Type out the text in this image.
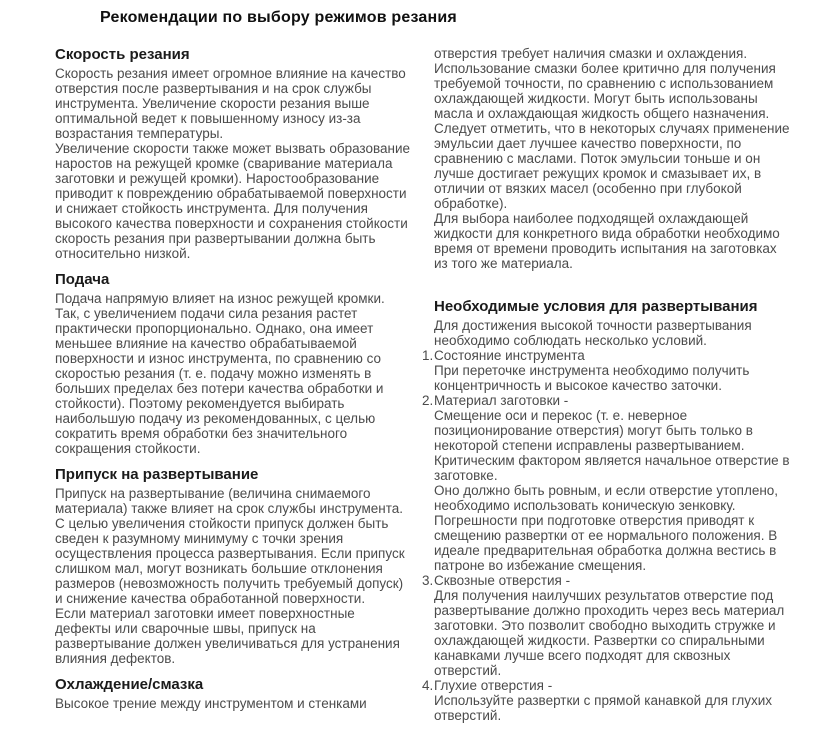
Рекомендации по выбору режимов резания
Скорость резания

Скорость резания имеет огромное влияние на качество отверстия после развертывания и на срок службы инструмента. Увеличение скорости резания выше оптимальной ведет к повышенному износу из-за возрастания температуры.

Увеличение скорости также может вызвать образование наростов на режущей кромке (сваривание материала заготовки и режущей кромки). Наростообразование приводит к повреждению обрабатываемой поверхности и снижает стойкость инструмента. Для получения высокого качества поверхности и сохранения стойкости скорость резания при развертывании должна быть относительно низкой.

Подача

Подача напрямую влияет на износ режущей кромки. Так, с увеличением подачи сила резания растет практически пропорционально. Однако, она имеет меньшее влияние на качество обрабатываемой поверхности и износ инструмента, по сравнению со скоростью резания (т. е. подачу можно изменять в больших пределах без потери качества обработки и стойкости). Поэтому рекомендуется выбирать наибольшую подачу из рекомендованных, с целью сократить время обработки без значительного сокращения стойкости.

Припуск на развертывание

Припуск на развертывание (величина снимаемого материала) также влияет на срок службы инструмента. С целью увеличения стойкости припуск должен быть сведен к разумному минимуму с точки зрения осуществления процесса развертывания. Если припуск слишком мал, могут возникать большие отклонения размеров (невозможность получить требуемый допуск) и снижение качества обработанной поверхности.

Если материал заготовки имеет поверхностные дефекты или сварочные швы, припуск на развертывание должен увеличиваться для устранения влияния дефектов.

Охлаждение/смазка

Высокое трение между инструментом и стенками

отверстия требует наличия смазки и охлаждения. Использование смазки более критично для получения требуемой точности, по сравнению с использованием охлаждающей жидкости. Могут быть использованы масла и охлаждающая жидкость общего назначения.

Следует отметить, что в некоторых случаях применение эмульсии дает лучшее качество поверхности, по сравнению с маслами. Поток эмульсии тоньше и он лучше достигает режущих кромок и смазывает их, в отличии от вязких масел (особенно при глубокой обработке).

Для выбора наиболее подходящей охлаждающей жидкости для конкретного вида обработки необходимо время от времени проводить испытания на заготовках из того же материала.

Необходимые условия для развертывания

Для достижения высокой точности развертывания необходимо соблюдать несколько условий.

1. Состояние инструмента

При переточке инструмента необходимо получить концентричность и высокое качество заточки.

2. Материал заготовки -

Смещение оси и перекос (т. е. неверное позиционирование отверстия) могут быть только в некоторой степени исправлены развертыванием.

Критическим фактором является начальное отверстие в заготовке.

Оно должно быть ровным, и если отверстие утоплено, необходимо использовать коническую зенковку. Погрешности при подготовке отверстия приводят к смещению развертки от ее нормального положения. В идеале предварительная обработка должна вестись в патроне во избежание смещения.

3. Сквозные отверстия -

Для получения наилучших результатов отверстие под развертывание должно проходить через весь материал заготовки. Это позволит свободно выходить стружке и охлаждающей жидкости. Развертки со спиральными канавками лучше всего подходят для сквозных отверстий.

4. Глухие отверстия -

Используйте развертки с прямой канавкой для глухих отверстий.
